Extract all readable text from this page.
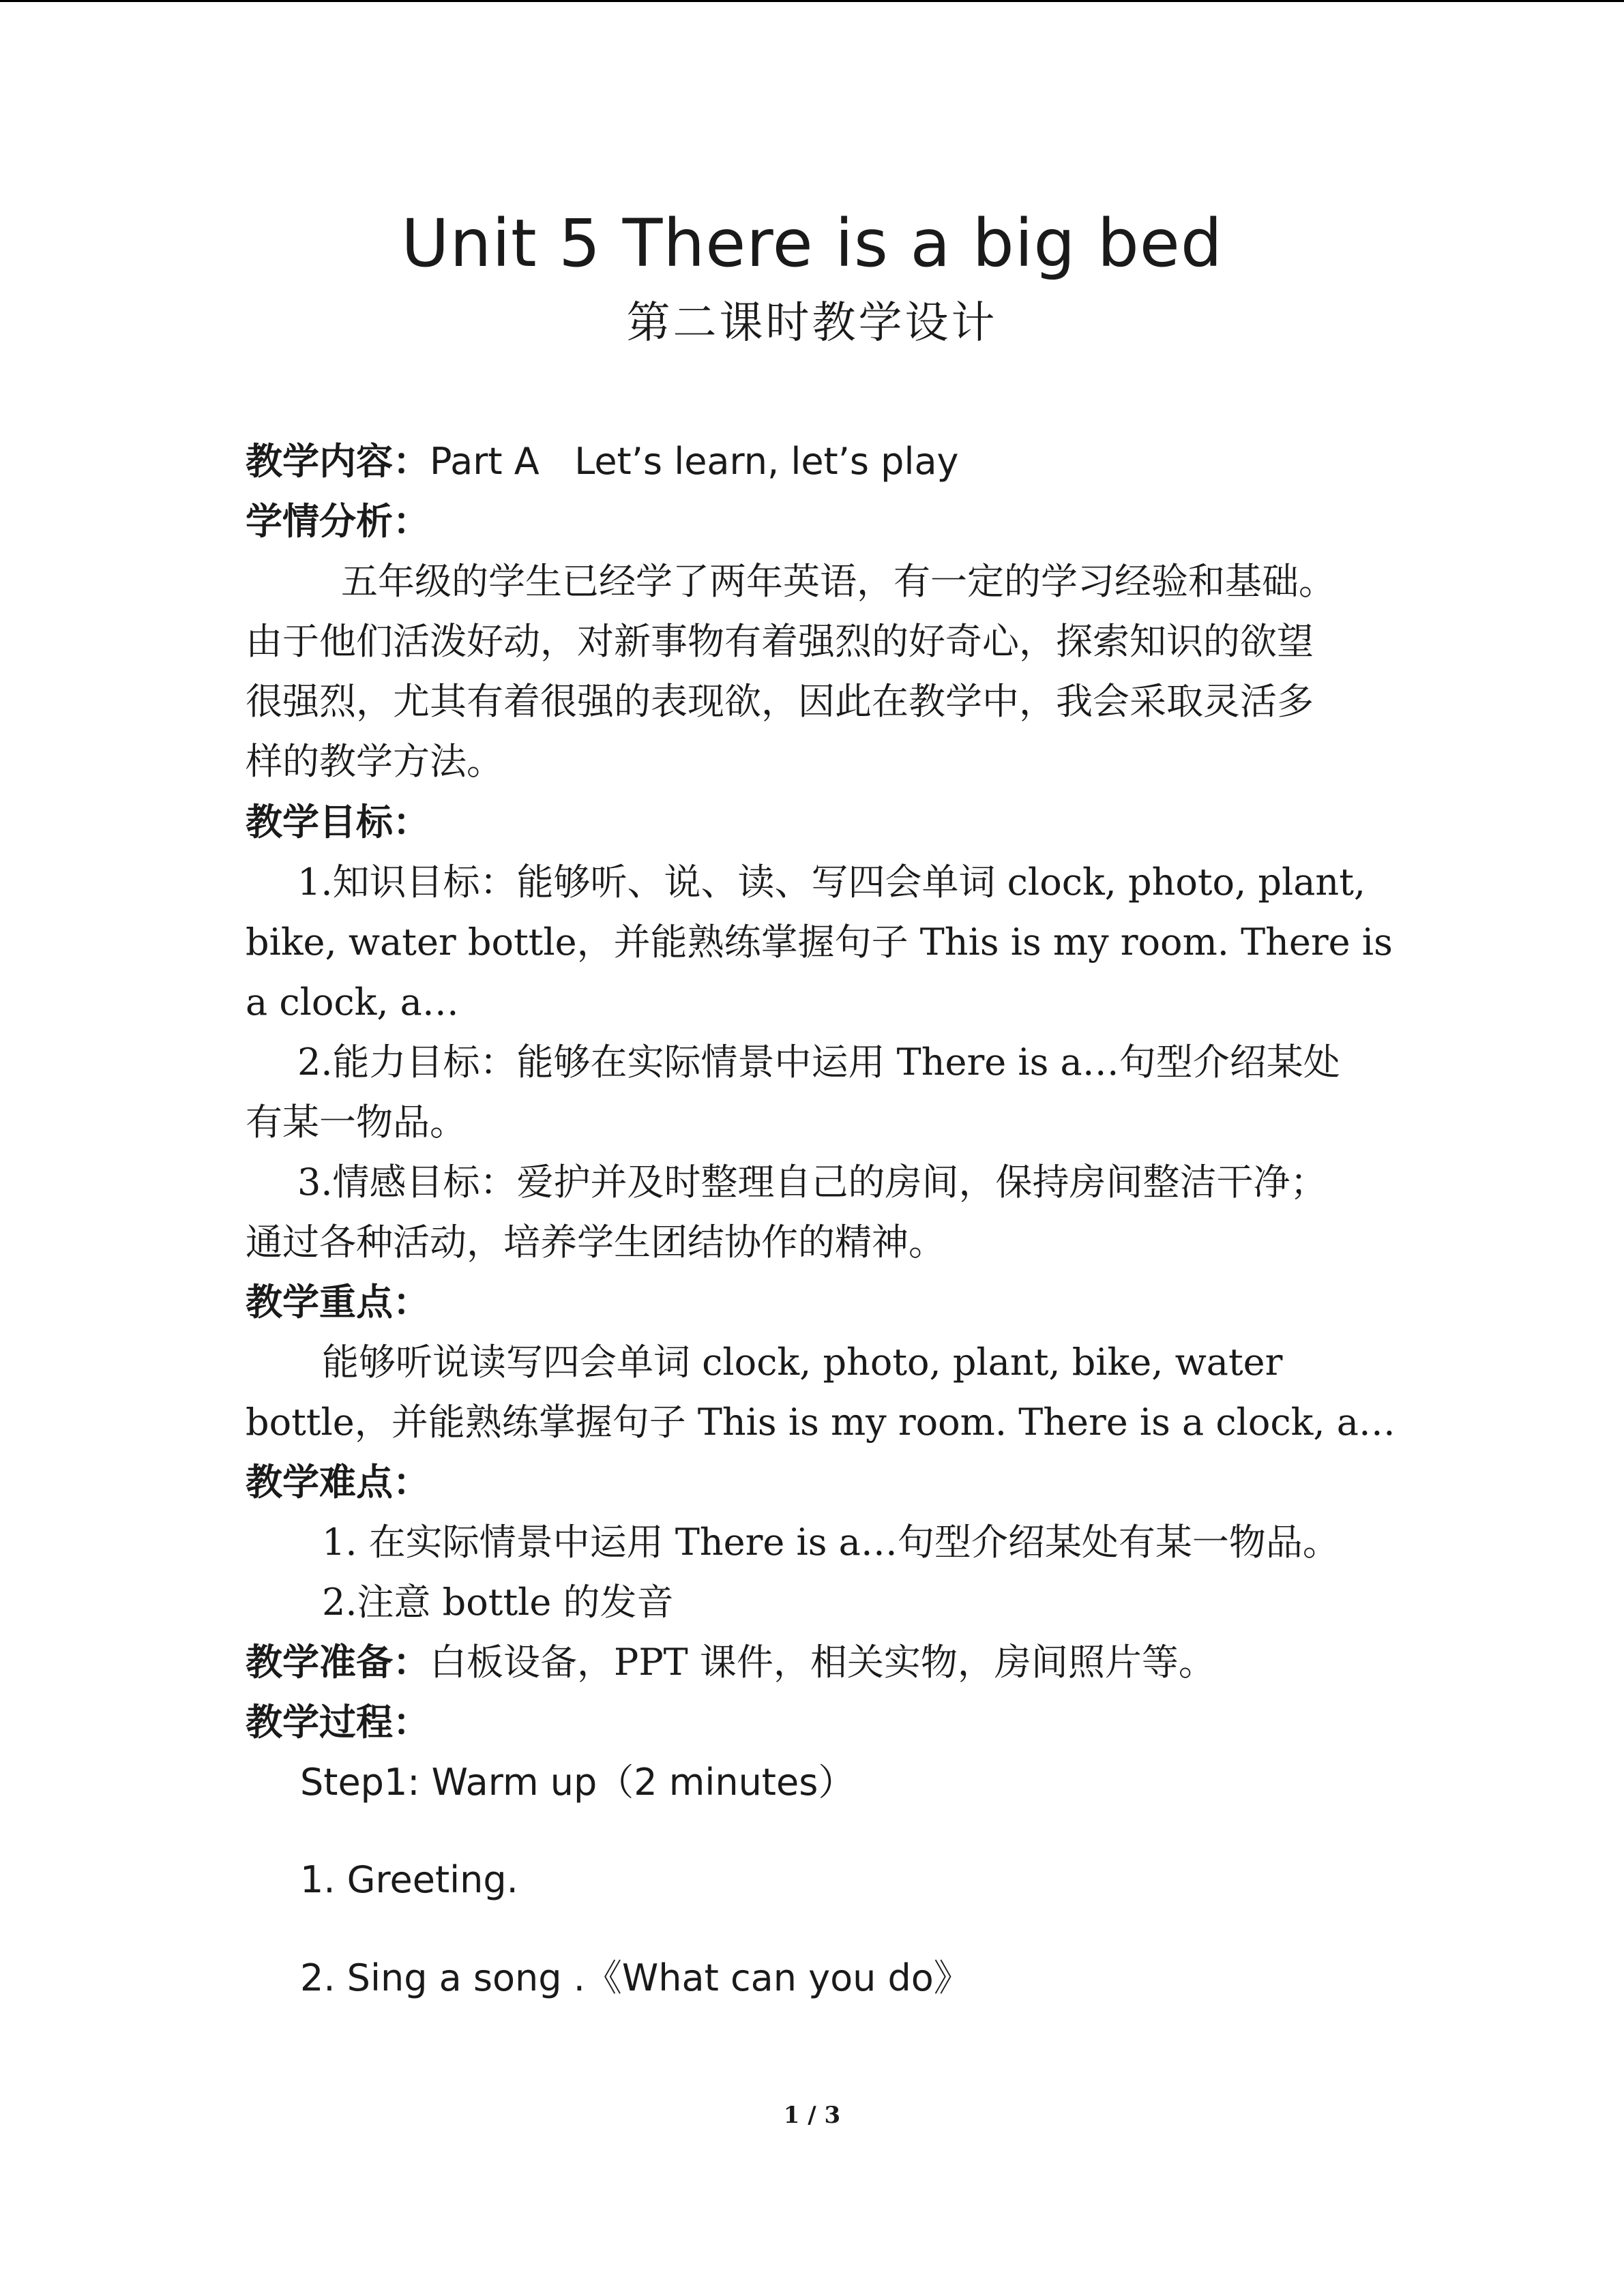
Unit 5 There is a big bed
第二课时教学设计
教学内容：Part A   Let’s learn, let’s play
学情分析：
五年级的学生已经学了两年英语，有一定的学习经验和基础。
由于他们活泼好动，对新事物有着强烈的好奇心，探索知识的欲望
很强烈，尤其有着很强的表现欲，因此在教学中，我会采取灵活多
样的教学方法。
教学目标：
1.知识目标：能够听、说、读、写四会单词 clock, photo, plant,
bike, water bottle，并能熟练掌握句子 This is my room. There is
a clock, a…
2.能力目标：能够在实际情景中运用 There is a…句型介绍某处
有某一物品。
3.情感目标：爱护并及时整理自己的房间，保持房间整洁干净；
通过各种活动，培养学生团结协作的精神。
教学重点：
能够听说读写四会单词 clock, photo, plant, bike, water
bottle，并能熟练掌握句子 This is my room. There is a clock, a…
教学难点：
1. 在实际情景中运用 There is a…句型介绍某处有某一物品。
2.注意 bottle 的发音
教学准备：白板设备，PPT 课件，相关实物，房间照片等。
教学过程：
Step1: Warm up（2 minutes）
1. Greeting.
2. Sing a song .《What can you do》
1 / 3
